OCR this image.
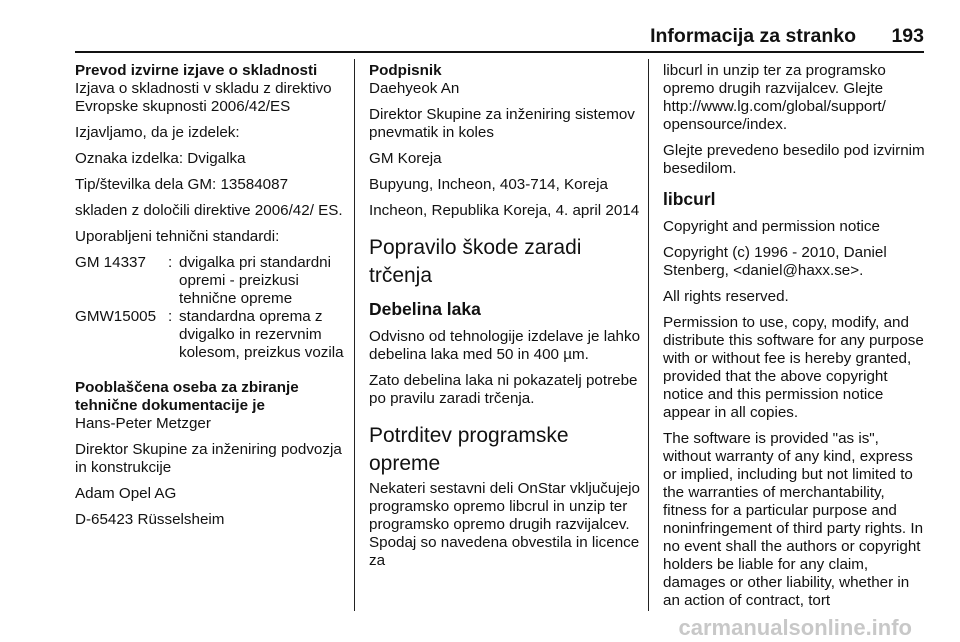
Informacija za stranko 193

Prevod izvirne izjave o skladnosti

Izjava o skladnosti v skladu z direktivo Evropske skupnosti 2006/42/ES

Izjavljamo, da je izdelek:

Oznaka izdelka: Dvigalka

Tip/številka dela GM: 13584087

skladen z določili direktive 2006/42/ ES.

Uporabljeni tehnični standardi:

GM 14337	: dvigalka pri standardni opremi - preizkusi tehnične opreme
GMW15005 : standardna oprema z dvigalko in rezervnim kolesom, preizkus vozila

Pooblaščena oseba za zbiranje tehnične dokumentacije je

Hans-Peter Metzger

Direktor Skupine za inženiring podvozja in konstrukcije

Adam Opel AG

D-65423 Rüsselsheim

Podpisnik

Daehyeok An

Direktor Skupine za inženiring sistemov pnevmatik in koles

GM Koreja

Bupyung, Incheon, 403-714, Koreja

Incheon, Republika Koreja, 4. april 2014

Popravilo škode zaradi trčenja
Debelina laka

Odvisno od tehnologije izdelave je lahko debelina laka med 50 in 400 µm.

Zato debelina laka ni pokazatelj potrebe po pravilu zaradi trčenja.

Potrditev programske opreme

Nekateri sestavni deli OnStar vključujejo programsko opremo libcrul in unzip ter programsko opremo drugih razvijalcev. Spodaj so navedena obvestila in licence za

libcurl in unzip ter za programsko opremo drugih razvijalcev. Glejte http://www.lg.com/global/support/ opensource/index.

Glejte prevedeno besedilo pod izvirnim besedilom.

libcurl

Copyright and permission notice

Copyright (c) 1996 - 2010, Daniel Stenberg, <daniel@haxx.se>.

All rights reserved.

Permission to use, copy, modify, and distribute this software for any purpose with or without fee is hereby granted, provided that the above copyright notice and this permission notice appear in all copies.

The software is provided "as is", without warranty of any kind, express or implied, including but not limited to the warranties of merchantability, fitness for a particular purpose and noninfringement of third party rights. In no event shall the authors or copyright holders be liable for any claim, damages or other liability, whether in an action of contract, tort

carmanualsonline.info
